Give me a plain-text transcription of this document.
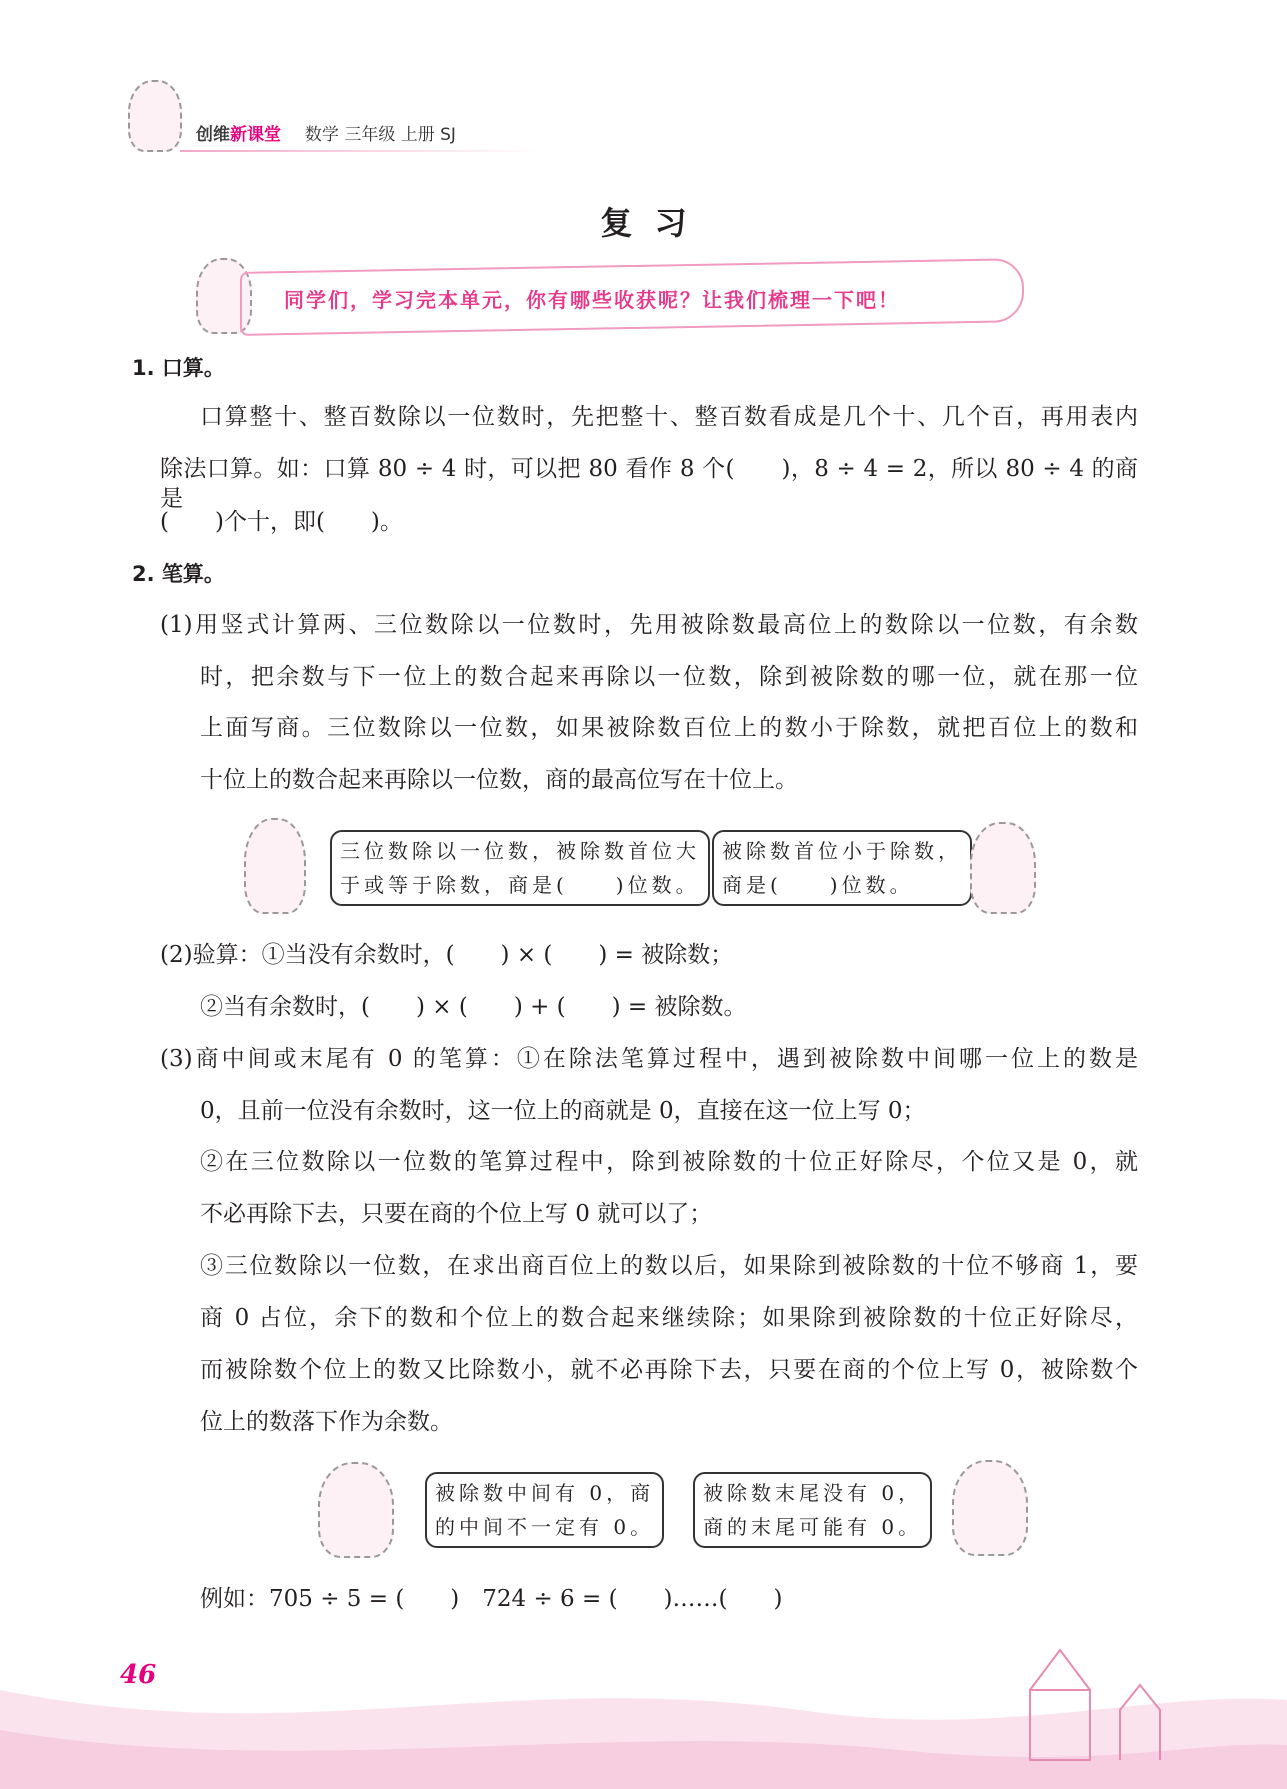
创维新课堂 数学 三年级 上册 SJ
复  习
同学们，学习完本单元，你有哪些收获呢？让我们梳理一下吧！
1. 口算。
口算整十、整百数除以一位数时，先把整十、整百数看成是几个十、几个百，再用表内
除法口算。如：口算 80 ÷ 4 时，可以把 80 看作 8 个(　　)，8 ÷ 4 = 2，所以 80 ÷ 4 的商是
(　　)个十，即(　　)。
2. 笔算。
(1)用竖式计算两、三位数除以一位数时，先用被除数最高位上的数除以一位数，有余数
时，把余数与下一位上的数合起来再除以一位数，除到被除数的哪一位，就在那一位
上面写商。三位数除以一位数，如果被除数百位上的数小于除数，就把百位上的数和
十位上的数合起来再除以一位数，商的最高位写在十位上。
三位数除以一位数，被除数首位大
于或等于除数，商是(　　)位数。
被除数首位小于除数，
商是(　　)位数。
(2)验算：①当没有余数时，(　　) × (　　) = 被除数；
②当有余数时，(　　) × (　　) + (　　) = 被除数。
(3)商中间或末尾有 0 的笔算：①在除法笔算过程中，遇到被除数中间哪一位上的数是
0，且前一位没有余数时，这一位上的商就是 0，直接在这一位上写 0；
②在三位数除以一位数的笔算过程中，除到被除数的十位正好除尽，个位又是 0，就
不必再除下去，只要在商的个位上写 0 就可以了；
③三位数除以一位数，在求出商百位上的数以后，如果除到被除数的十位不够商 1，要
商 0 占位，余下的数和个位上的数合起来继续除；如果除到被除数的十位正好除尽，
而被除数个位上的数又比除数小，就不必再除下去，只要在商的个位上写 0，被除数个
位上的数落下作为余数。
被除数中间有 0，商
的中间不一定有 0。
被除数末尾没有 0，
商的末尾可能有 0。
例如：705 ÷ 5 = (　　)　724 ÷ 6 = (　　)……(　　)
46
